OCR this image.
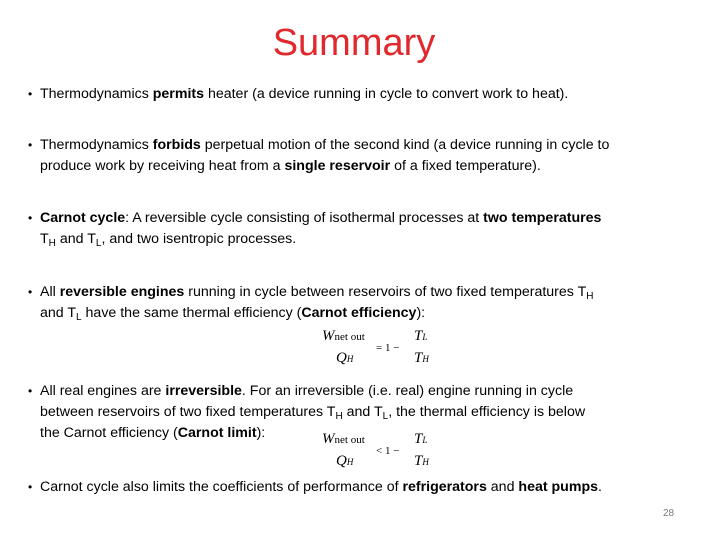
Summary
• Thermodynamics permits heater (a device running in cycle to convert work to heat).
• Thermodynamics forbids perpetual motion of the second kind (a device running in cycle to
produce work by receiving heat from a single reservoir of a fixed temperature).
• Carnot cycle: A reversible cycle consisting of isothermal processes at two temperatures
$T_H$ and $T_L$, and two isentropic processes.
• All reversible engines running in cycle between reservoirs of two fixed temperatures $T_H$
and $T_L$ have the same thermal efficiency (Carnot efficiency):
Wnet out
= 1 −
TL
QH	TH
• All real engines are irreversible. For an irreversible (i.e. real) engine running in cycle
between reservoirs of two fixed temperatures $T_H$ and $T_L$, the thermal efficiency is below
the Carnot efficiency (Carnot limit):	Wnet out
< 1 −
TL
QH	TH
• Carnot cycle also limits the coefficients of performance of refrigerators and heat pumps.
28
